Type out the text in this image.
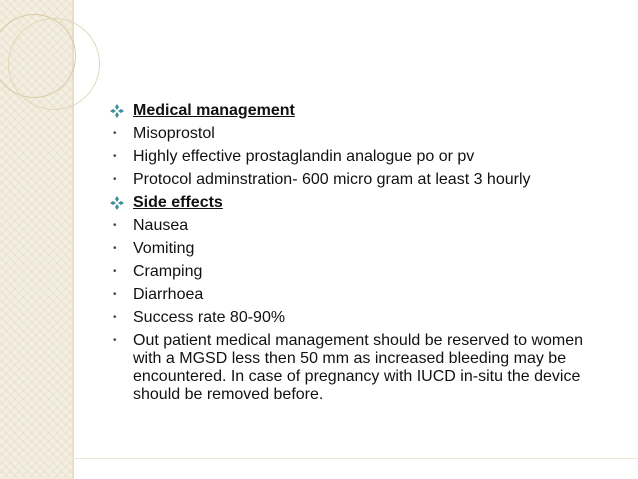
Medical management
• Misoprostol
• Highly effective prostaglandin analogue po or pv
• Protocol adminstration- 600 micro gram at least 3 hourly
Side effects
• Nausea
• Vomiting
• Cramping
• Diarrhoea
• Success rate 80-90%
• Out patient medical management should be reserved to women with a MGSD less then 50 mm as increased bleeding may be encountered. In case of pregnancy with IUCD in-situ the device should be removed before.
